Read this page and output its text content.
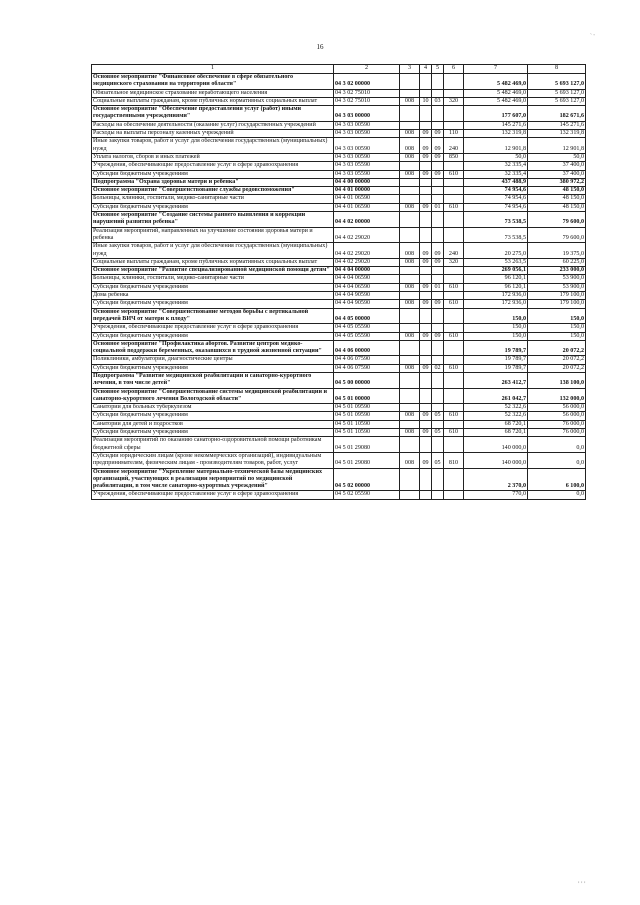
` '
16
1	2	3	4	5	6	7	8
Основное мероприятие "Финансовое обеспечение в сфере обязательного медицинского страхования на территории области"	04 3 02 00000					5 482 469,0	5 693 127,0
Обязательное медицинское страхование неработающего населения	04 3 02 75010					5 482 469,0	5 693 127,0
Социальные выплаты гражданам, кроме публичных нормативных социальных выплат	04 3 02 75010	008	10	03	320	5 482 469,0	5 693 127,0
Основное мероприятие "Обеспечение предоставления услуг (работ) иными государственными учреждениями"	04 3 03 00000					177 607,0	182 671,6
Расходы на обеспечение деятельности (оказание услуг) государственных учреждений	04 3 03 00590					145 271,6	145 271,6
Расходы на выплаты персоналу казенных учреждений	04 3 03 00590	008	09	09	110	132 319,8	132 319,8
Иные закупки товаров, работ и услуг для обеспечения государственных (муниципальных) нужд	04 3 03 00590	008	09	09	240	12 901,8	12 901,8
Уплата налогов, сборов и иных платежей	04 3 03 00590	008	09	09	850	50,0	50,0
Учреждения, обеспечивающие предоставление услуг в сфере здравоохранения	04 3 03 05590					32 335,4	37 400,0
Субсидии бюджетным учреждениям	04 3 03 05590	008	09	09	610	32 335,4	37 400,0
Подпрограмма "Охрана здоровья матери и ребенка"	04 4 00 00000					437 488,9	380 972,2
Основное мероприятие "Совершенствование службы родовспоможения"	04 4 01 00000					74 954,6	48 150,0
Больницы, клиники, госпитали, медико-санитарные части	04 4 01 06590					74 954,6	48 150,0
Субсидии бюджетным учреждениям	04 4 01 06590	008	09	01	610	74 954,6	48 150,0
Основное мероприятие "Создание системы раннего выявления и коррекции нарушений развития ребенка"	04 4 02 00000					73 538,5	79 600,0
Реализация мероприятий, направленных на улучшение состояния здоровья матери и ребенка	04 4 02 29020					73 538,5	79 600,0
Иные закупки товаров, работ и услуг для обеспечения государственных (муниципальных) нужд	04 4 02 29020	008	09	09	240	20 275,0	19 375,0
Социальные выплаты гражданам, кроме публичных нормативных социальных выплат	04 4 02 29020	008	09	09	320	53 263,5	60 225,0
Основное мероприятие "Развитие специализированной медицинской помощи детям"	04 4 04 00000					269 056,1	233 000,0
Больницы, клиники, госпитали, медико-санитарные части	04 4 04 06590					96 120,1	53 900,0
Субсидии бюджетным учреждениям	04 4 04 06590	008	09	01	610	96 120,1	53 900,0
Дома ребенка	04 4 04 90590					172 936,0	179 100,0
Субсидии бюджетным учреждениям	04 4 04 90590	008	09	09	610	172 936,0	179 100,0
Основное мероприятие "Совершенствование методов борьбы с вертикальной передачей ВИЧ от матери к плоду"	04 4 05 00000					150,0	150,0
Учреждения, обеспечивающие предоставление услуг в сфере здравоохранения	04 4 05 05590					150,0	150,0
Субсидии бюджетным учреждениям	04 4 05 05590	008	09	09	610	150,0	150,0
Основное мероприятие "Профилактика абортов. Развитие центров медико-социальной поддержки беременных, оказавшихся в трудной жизненной ситуации"	04 4 06 00000					19 789,7	20 072,2
Поликлиники, амбулатории, диагностические центры	04 4 06 07590					19 789,7	20 072,2
Субсидии бюджетным учреждениям	04 4 06 07590	008	09	02	610	19 789,7	20 072,2
Подпрограмма "Развитие медицинской реабилитации и санаторно-курортного лечения, в том числе детей"	04 5 00 00000					263 412,7	138 100,0
Основное мероприятие "Совершенствование системы медицинской реабилитации и санаторно-курортного лечения Вологодской области"	04 5 01 00000					261 042,7	132 000,0
Санатории для больных туберкулезом	04 5 01 09590					52 322,6	56 000,0
Субсидии бюджетным учреждениям	04 5 01 09590	008	09	05	610	52 322,6	56 000,0
Санатории для детей и подростков	04 5 01 10590					68 720,1	76 000,0
Субсидии бюджетным учреждениям	04 5 01 10590	008	09	05	610	68 720,1	76 000,0
Реализация мероприятий по оказанию санаторно-оздоровительной помощи работникам бюджетной сферы	04 5 01 29080					140 000,0	0,0
Субсидии юридическим лицам (кроме некоммерческих организаций), индивидуальным предпринимателям, физическим лицам - производителям товаров, работ, услуг	04 5 01 29080	008	09	05	810	140 000,0	0,0
Основное мероприятие "Укрепление материально-технической базы медицинских организаций, участвующих в реализации мероприятий по медицинской реабилитации, в том числе санаторно-курортных учреждений"	04 5 02 00000					2 370,0	6 100,0
Учреждения, обеспечивающие предоставление услуг в сфере здравоохранения	04 5 02 05590					770,0	0,0
, , ,
